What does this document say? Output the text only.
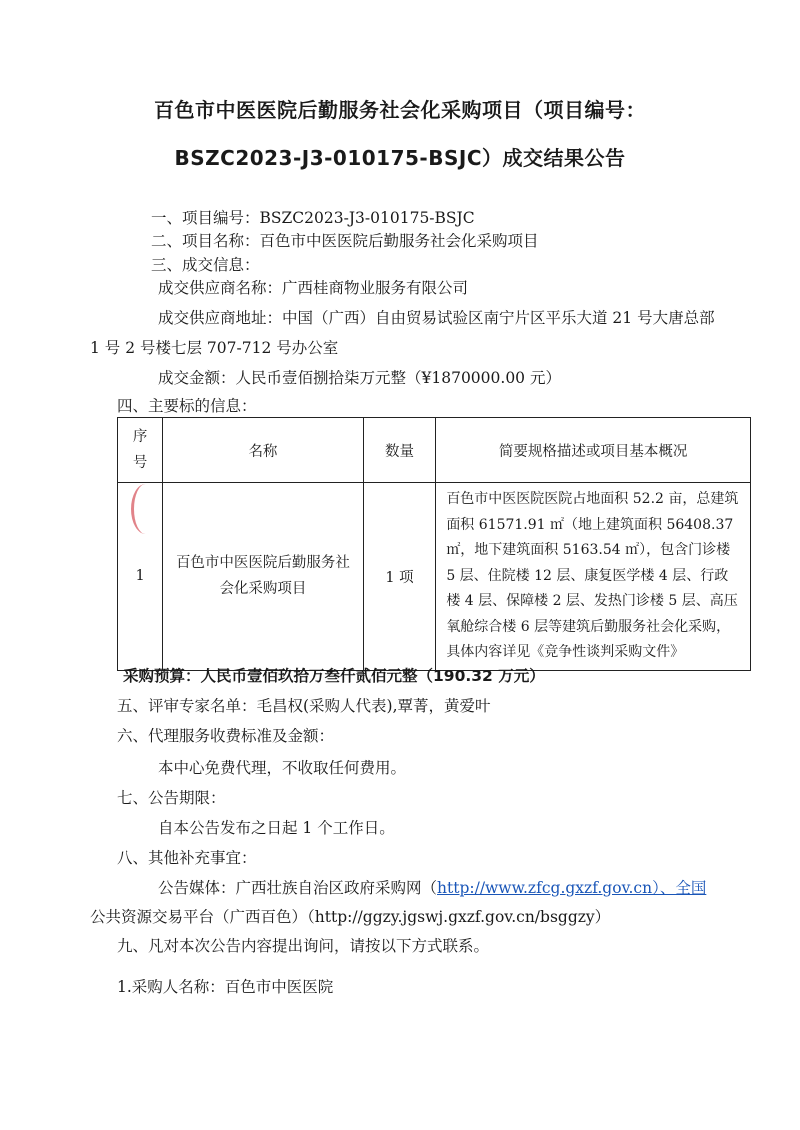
百色市中医医院后勤服务社会化采购项目（项目编号：
BSZC2023-J3-010175-BSJC）成交结果公告
一、项目编号：BSZC2023-J3-010175-BSJC
二、项目名称：百色市中医医院后勤服务社会化采购项目
三、成交信息：
成交供应商名称：广西桂商物业服务有限公司
成交供应商地址：中国（广西）自由贸易试验区南宁片区平乐大道 21 号大唐总部
1 号 2 号楼七层 707-712 号办公室
成交金额：人民币壹佰捌拾柒万元整（¥1870000.00 元）
四、主要标的信息：
序
号	名称	数量	简要规格描述或项目基本概况
1	百色市中医医院后勤服务社会化采购项目	1 项	百色市中医医院医院占地面积 52.2 亩，总建筑面积 61571.91 ㎡（地上建筑面积 56408.37 ㎡，地下建筑面积 5163.54 ㎡），包含门诊楼 5 层、住院楼 12 层、康复医学楼 4 层、行政楼 4 层、保障楼 2 层、发热门诊楼 5 层、高压氧舱综合楼 6 层等建筑后勤服务社会化采购，具体内容详见《竞争性谈判采购文件》
采购预算：人民币壹佰玖拾万叁仟贰佰元整（190.32 万元）
五、评审专家名单：毛昌权(采购人代表),覃菁，黄爱叶
六、代理服务收费标准及金额：
本中心免费代理，不收取任何费用。
七、公告期限：
自本公告发布之日起 1 个工作日。
八、其他补充事宜：
公告媒体：广西壮族自治区政府采购网（http://www.zfcg.gxzf.gov.cn）、全国
公共资源交易平台（广西百色）（http://ggzy.jgswj.gxzf.gov.cn/bsggzy）
九、凡对本次公告内容提出询问，请按以下方式联系。
1.采购人名称：百色市中医医院
